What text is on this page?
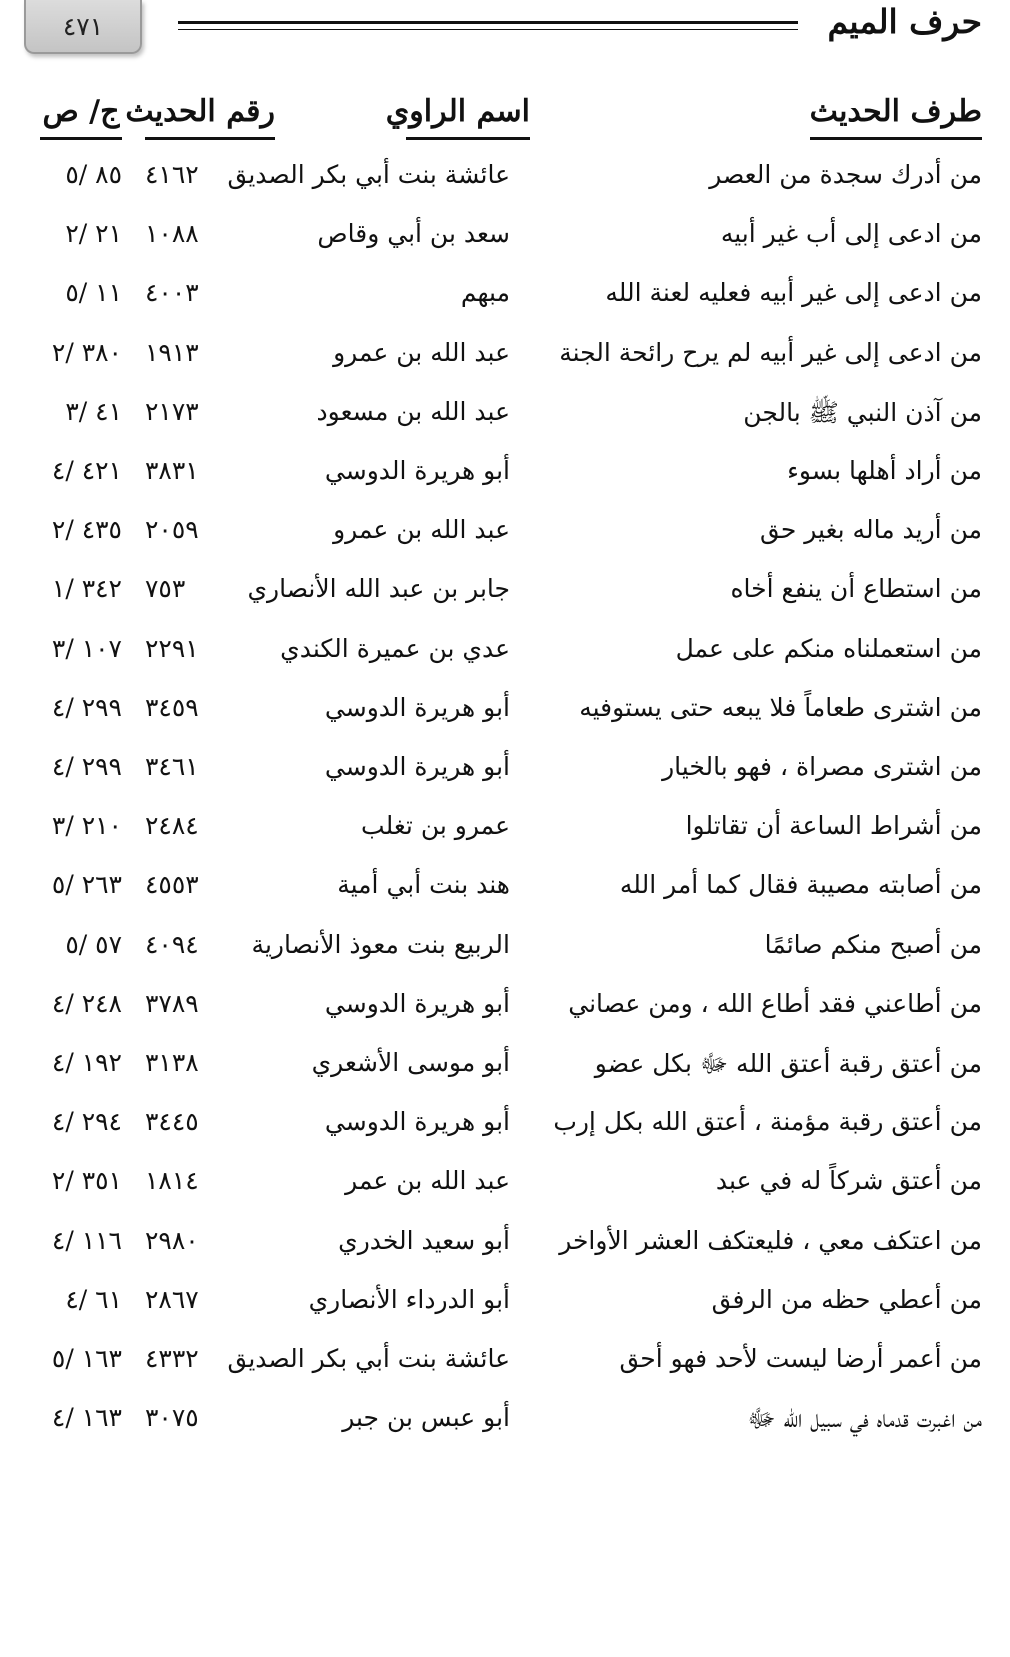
٤٧١	حرف الميم
طرف الحديث
اسم الراوي
رقم الحديث
ج/ ص
من أدرك سجدة من العصر
عائشة بنت أبي بكر الصديق
٤١٦٢
٨٥ /٥
من ادعى إلى أب غير أبيه
سعد بن أبي وقاص
١٠٨٨
٢١ /٢
من ادعى إلى غير أبيه فعليه لعنة الله
مبهم
٤٠٠٣
١١ /٥
من ادعى إلى غير أبيه لم يرح رائحة الجنة
عبد الله بن عمرو
١٩١٣
٣٨٠ /٢
من آذن النبي ﷺ بالجن
عبد الله بن مسعود
٢١٧٣
٤١ /٣
من أراد أهلها بسوء
أبو هريرة الدوسي
٣٨٣١
٤٢١ /٤
من أريد ماله بغير حق
عبد الله بن عمرو
٢٠٥٩
٤٣٥ /٢
من استطاع أن ينفع أخاه
جابر بن عبد الله الأنصاري
٧٥٣
٣٤٢ /١
من استعملناه منكم على عمل
عدي بن عميرة الكندي
٢٢٩١
١٠٧ /٣
من اشترى طعاماً فلا يبعه حتى يستوفيه
أبو هريرة الدوسي
٣٤٥٩
٢٩٩ /٤
من اشترى مصراة ، فهو بالخيار
أبو هريرة الدوسي
٣٤٦١
٢٩٩ /٤
من أشراط الساعة أن تقاتلوا
عمرو بن تغلب
٢٤٨٤
٢١٠ /٣
من أصابته مصيبة فقال كما أمر الله
هند بنت أبي أمية
٤٥٥٣
٢٦٣ /٥
من أصبح منكم صائمًا
الربيع بنت معوذ الأنصارية
٤٠٩٤
٥٧ /٥
من أطاعني فقد أطاع الله ، ومن عصاني
أبو هريرة الدوسي
٣٧٨٩
٢٤٨ /٤
من أعتق رقبة أعتق الله ﷻ بكل عضو
أبو موسى الأشعري
٣١٣٨
١٩٢ /٤
من أعتق رقبة مؤمنة ، أعتق الله بكل إرب
أبو هريرة الدوسي
٣٤٤٥
٢٩٤ /٤
من أعتق شركاً له في عبد
عبد الله بن عمر
١٨١٤
٣٥١ /٢
من اعتكف معي ، فليعتكف العشر الأواخر
أبو سعيد الخدري
٢٩٨٠
١١٦ /٤
من أعطي حظه من الرفق
أبو الدرداء الأنصاري
٢٨٦٧
٦١ /٤
من أعمر أرضا ليست لأحد فهو أحق
عائشة بنت أبي بكر الصديق
٤٣٣٢
١٦٣ /٥
من اغبرت قدماه في سبيل الله ﷻ
أبو عبس بن جبر
٣٠٧٥
١٦٣ /٤
